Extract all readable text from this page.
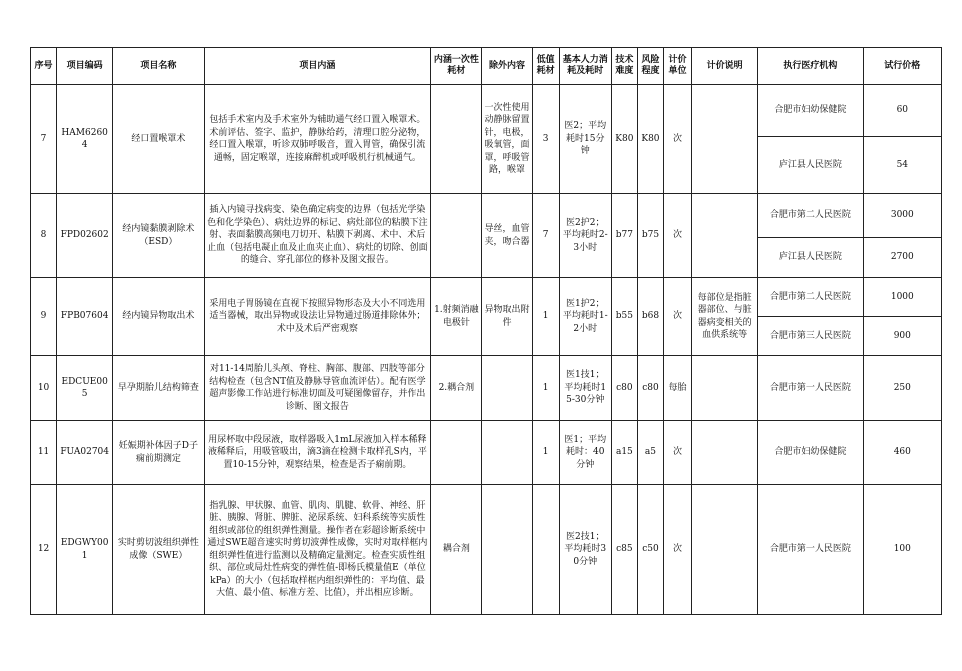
序号	项目编码	项目名称	项目内涵	内涵一次性耗材	除外内容	低值耗材	基本人力消耗及耗时	技术难度	风险程度	计价单位	计价说明	执行医疗机构	试行价格
7	HAM62604	经口置喉罩术	包括手术室内及手术室外为辅助通气经口置入喉罩术。术前评估、签字、监护，静脉给药，清理口腔分泌物，经口置入喉罩，听诊双肺呼吸音，置入胃管，确保引流通畅，固定喉罩，连接麻醉机或呼吸机行机械通气。		一次性使用动静脉留置针，电极，吸氧管，面罩，呼吸管路，喉罩	3	医2；平均耗时15分钟	K80	K80	次		合肥市妇幼保健院	60
												庐江县人民医院	54
8	FPD02602	经内镜黏膜剥除术（ESD）	插入内镜寻找病变、染色确定病变的边界（包括光学染色和化学染色）、病灶边界的标记、病灶部位的粘膜下注射、表面黏膜高频电刀切开、粘膜下剥离、术中、术后止血（包括电凝止血及止血夹止血）、病灶的切除、创面的缝合、穿孔部位的修补及图文报告。		导丝，血管夹，吻合器	7	医2护2；平均耗时2-3小时	b77	b75	次		合肥市第二人民医院	3000
												庐江县人民医院	2700
9	FPB07604	经内镜异物取出术	采用电子胃肠镜在直视下按照异物形态及大小不同选用适当器械，取出异物或设法让异物通过肠道排除体外；术中及术后严密观察	1.射频消融电极针	异物取出附件	1	医1护2；平均耗时1-2小时	b55	b68	次	每部位是指脏器部位、与脏器病变相关的血供系统等	合肥市第二人民医院	1000
												合肥市第三人民医院	900
10	EDCUE005	早孕期胎儿结构筛查	对11-14周胎儿头颅、脊柱、胸部、腹部、四肢等部分结构检查（包含NT值及静脉导管血流评估）。配有医学超声影像工作站进行标准切面及可疑图像留存，并作出诊断、图文报告	2.耦合剂		1	医1技1；平均耗时15-30分钟	c80	c80	每胎		合肥市第一人民医院	250
11	FUA02704	妊娠期补体因子D子痫前期测定	用尿杯取中段尿液，取样器吸入1mL尿液加入样本稀释液稀释后，用吸管吸出，滴3滴在检测卡取样孔S内，平置10-15分钟，观察结果，检查是否子痫前期。			1	医1；平均耗时：40分钟	a15	a5	次		合肥市妇幼保健院	460
12	EDGWY001	实时剪切波组织弹性成像（SWE）	指乳腺、甲状腺、血管、肌肉、肌腱、软骨、神经、肝脏、胰腺、肾脏、脾脏、泌尿系统、妇科系统等实质性组织或部位的组织弹性测量。操作者在彩超诊断系统中通过SWE超音速实时剪切波弹性成像，实时对取样框内组织弹性值进行监测以及精确定量测定。检查实质性组织、部位或局灶性病变的弹性值-即杨氏模量值E（单位kPa）的大小（包括取样框内组织弹性的：平均值、最大值、最小值、标准方差、比值），并出相应诊断。	耦合剂			医2技1；平均耗时30分钟	c85	c50	次		合肥市第一人民医院	100
